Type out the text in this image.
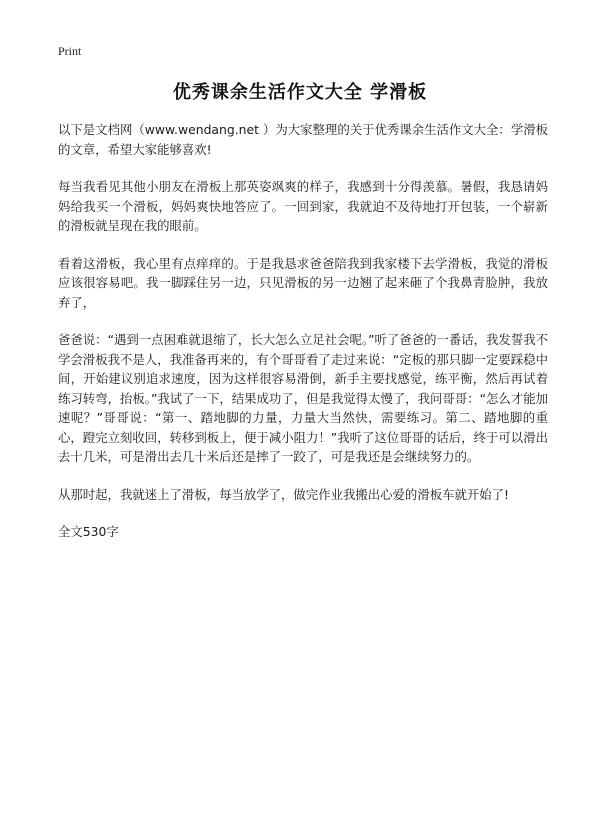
Print
优秀课余生活作文大全 学滑板

以下是文档网（www.wendang.net ）为大家整理的关于优秀课余生活作文大全：学滑板的文章，希望大家能够喜欢!

每当我看见其他小朋友在滑板上那英姿飒爽的样子，我感到十分得羡慕。暑假，我恳请妈妈给我买一个滑板，妈妈爽快地答应了。一回到家，我就迫不及待地打开包装，一个崭新的滑板就呈现在我的眼前。

看着这滑板，我心里有点痒痒的。于是我恳求爸爸陪我到我家楼下去学滑板，我觉的滑板应该很容易吧。我一脚踩住另一边，只见滑板的另一边翘了起来砸了个我鼻青脸肿，我放弃了，

爸爸说：“遇到一点困难就退缩了，长大怎么立足社会呢。”听了爸爸的一番话，我发誓我不学会滑板我不是人，我准备再来的，有个哥哥看了走过来说：“定板的那只脚一定要踩稳中间，开始建议别追求速度，因为这样很容易滑倒，新手主要找感觉，练平衡，然后再试着练习转弯，抬板。”我试了一下，结果成功了，但是我觉得太慢了，我问哥哥：“怎么才能加速呢？”哥哥说：“第一、踏地脚的力量，力量大当然快，需要练习。第二、踏地脚的重心，蹬完立刻收回，转移到板上，便于减小阻力！”我听了这位哥哥的话后，终于可以滑出去十几米，可是滑出去几十米后还是摔了一跤了，可是我还是会继续努力的。

从那时起，我就迷上了滑板，每当放学了，做完作业我搬出心爱的滑板车就开始了!

全文530字
